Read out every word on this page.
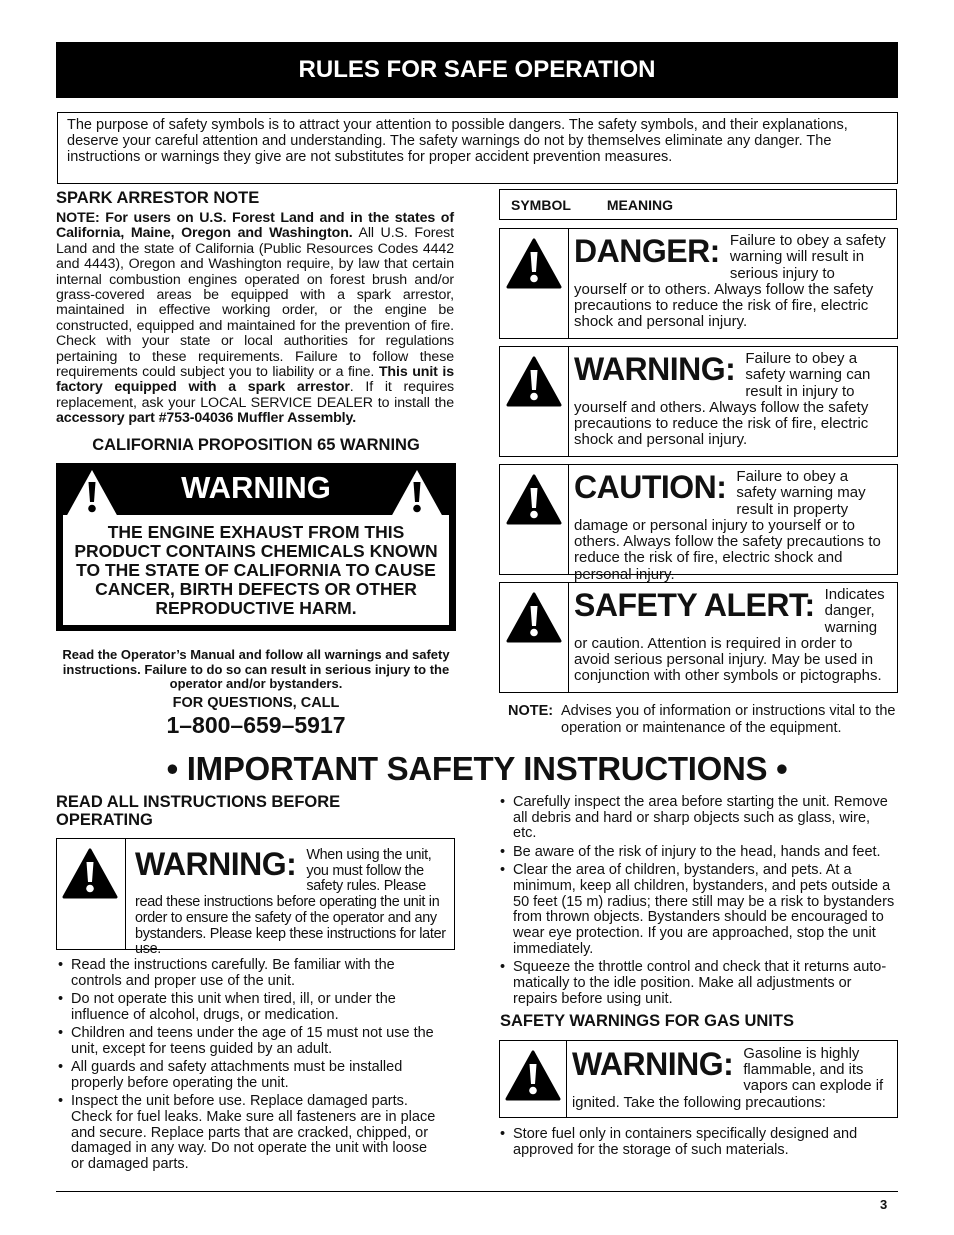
RULES FOR SAFE OPERATION
The purpose of safety symbols is to attract your attention to possible dangers. The safety symbols, and their explanations, deserve your careful attention and understanding. The safety warnings do not by themselves eliminate any danger. The instructions or warnings they give are not substitutes for proper accident prevention measures.
SPARK ARRESTOR NOTE
NOTE: For users on U.S. Forest Land and in the states of California, Maine, Oregon and Washington. All U.S. Forest Land and the state of California (Public Resources Codes 4442 and 4443), Oregon and Washington require, by law that certain internal combustion engines operated on forest brush and/or grass-covered areas be equipped with a spark arrestor, maintained in effective working order, or the engine be constructed, equipped and maintained for the prevention of fire. Check with your state or local authorities for regulations pertaining to these requirements. Failure to follow these requirements could subject you to liability or a fine. This unit is factory equipped with a spark arrestor. If it requires replacement, ask your LOCAL SERVICE DEALER to install the accessory part #753-04036 Muffler Assembly.
CALIFORNIA PROPOSITION 65 WARNING
WARNING
THE ENGINE EXHAUST FROM THIS PRODUCT CONTAINS CHEMICALS KNOWN TO THE STATE OF CALIFORNIA TO CAUSE CANCER, BIRTH DEFECTS OR OTHER REPRODUCTIVE HARM.
Read the Operator’s Manual and follow all warnings and safety instructions. Failure to do so can result in serious injury to the operator and/or bystanders.
FOR QUESTIONS, CALL
1–800–659–5917
SYMBOL	MEANING
DANGER: Failure to obey a safety warning will result in serious injury to yourself or to others. Always follow the safety precautions to reduce the risk of fire, electric shock and personal injury.
WARNING: Failure to obey a safety warning can result in injury to yourself and others. Always follow the safety precautions to reduce the risk of fire, electric shock and personal injury.
CAUTION: Failure to obey a safety warning may result in property damage or personal injury to yourself or to others. Always follow the safety precautions to reduce the risk of fire, electric shock and personal injury.
SAFETY ALERT: Indicates danger, warning or caution. Attention is required in order to avoid serious personal injury. May be used in conjunction with other symbols or pictographs.
NOTE: Advises you of information or instructions vital to the operation or maintenance of the equipment.
• IMPORTANT SAFETY INSTRUCTIONS •
READ ALL INSTRUCTIONS BEFORE OPERATING
WARNING: When using the unit, you must follow the safety rules. Please read these instructions before operating the unit in order to ensure the safety of the operator and any bystanders. Please keep these instructions for later use.
• Read the instructions carefully. Be familiar with the controls and proper use of the unit.
• Do not operate this unit when tired, ill, or under the influence of alcohol, drugs, or medication.
• Children and teens under the age of 15 must not use the unit, except for teens guided by an adult.
• All guards and safety attachments must be installed properly before operating the unit.
• Inspect the unit before use. Replace damaged parts. Check for fuel leaks. Make sure all fasteners are in place and secure. Replace parts that are cracked, chipped, or damaged in any way. Do not operate the unit with loose or damaged parts.
• Carefully inspect the area before starting the unit. Remove all debris and hard or sharp objects such as glass, wire, etc.
• Be aware of the risk of injury to the head, hands and feet.
• Clear the area of children, bystanders, and pets. At a minimum, keep all children, bystanders, and pets outside a 50 feet (15 m) radius; there still may be a risk to bystanders from thrown objects. Bystanders should be encouraged to wear eye protection. If you are approached, stop the unit immediately.
• Squeeze the throttle control and check that it returns auto-matically to the idle position. Make all adjustments or repairs before using unit.
SAFETY WARNINGS FOR GAS UNITS
WARNING: Gasoline is highly flammable, and its vapors can explode if ignited. Take the following precautions:
• Store fuel only in containers specifically designed and approved for the storage of such materials.
3
